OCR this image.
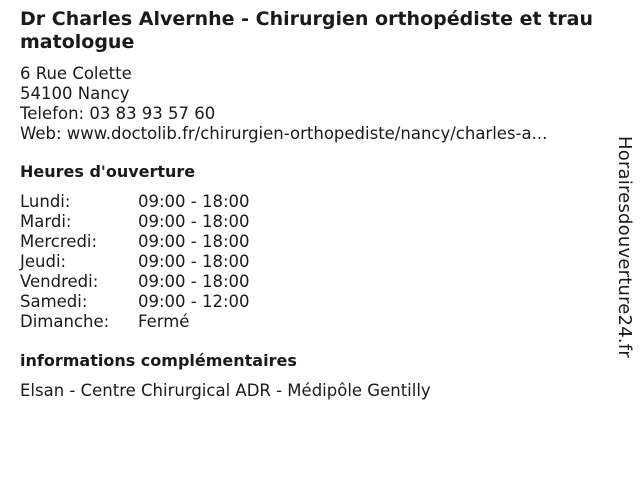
Dr Charles Alvernhe - Chirurgien orthopédiste et traumatologue
6 Rue Colette
54100 Nancy
Telefon: 03 83 93 57 60
Web: www.doctolib.fr/chirurgien-orthopediste/nancy/charles-a...
Heures d'ouverture
Lundi:	09:00 - 18:00
Mardi:	09:00 - 18:00
Mercredi:	09:00 - 18:00
Jeudi:	09:00 - 18:00
Vendredi:	09:00 - 18:00
Samedi:	09:00 - 12:00
Dimanche:	Fermé
informations complémentaires
Elsan - Centre Chirurgical ADR - Médipôle Gentilly
Horairesdouverture24.fr
